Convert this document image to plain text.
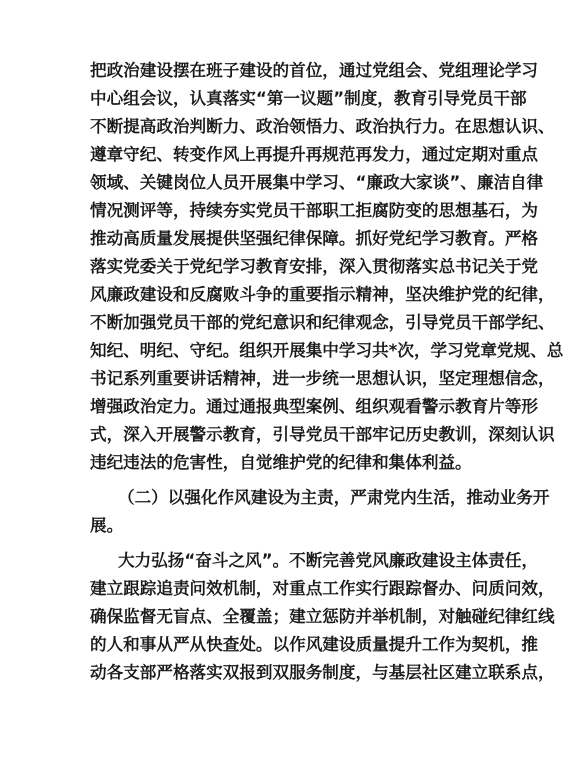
把政治建设摆在班子建设的首位，通过党组会、党组理论学习
中心组会议，认真落实“第一议题”制度，教育引导党员干部
不断提高政治判断力、政治领悟力、政治执行力。在思想认识、
遵章守纪、转变作风上再提升再规范再发力，通过定期对重点
领域、关键岗位人员开展集中学习、“廉政大家谈”、廉洁自律
情况测评等，持续夯实党员干部职工拒腐防变的思想基石，为
推动高质量发展提供坚强纪律保障。抓好党纪学习教育。严格
落实党委关于党纪学习教育安排，深入贯彻落实总书记关于党
风廉政建设和反腐败斗争的重要指示精神，坚决维护党的纪律，
不断加强党员干部的党纪意识和纪律观念，引导党员干部学纪、
知纪、明纪、守纪。组织开展集中学习共*次，学习党章党规、总
书记系列重要讲话精神，进一步统一思想认识，坚定理想信念，
增强政治定力。通过通报典型案例、组织观看警示教育片等形
式，深入开展警示教育，引导党员干部牢记历史教训，深刻认识
违纪违法的危害性，自觉维护党的纪律和集体利益。
（二）以强化作风建设为主责，严肃党内生活，推动业务开
展。
大力弘扬“奋斗之风”。不断完善党风廉政建设主体责任，
建立跟踪追责问效机制，对重点工作实行跟踪督办、问质问效，
确保监督无盲点、全覆盖；建立惩防并举机制，对触碰纪律红线
的人和事从严从快查处。以作风建设质量提升工作为契机，推
动各支部严格落实双报到双服务制度，与基层社区建立联系点，
